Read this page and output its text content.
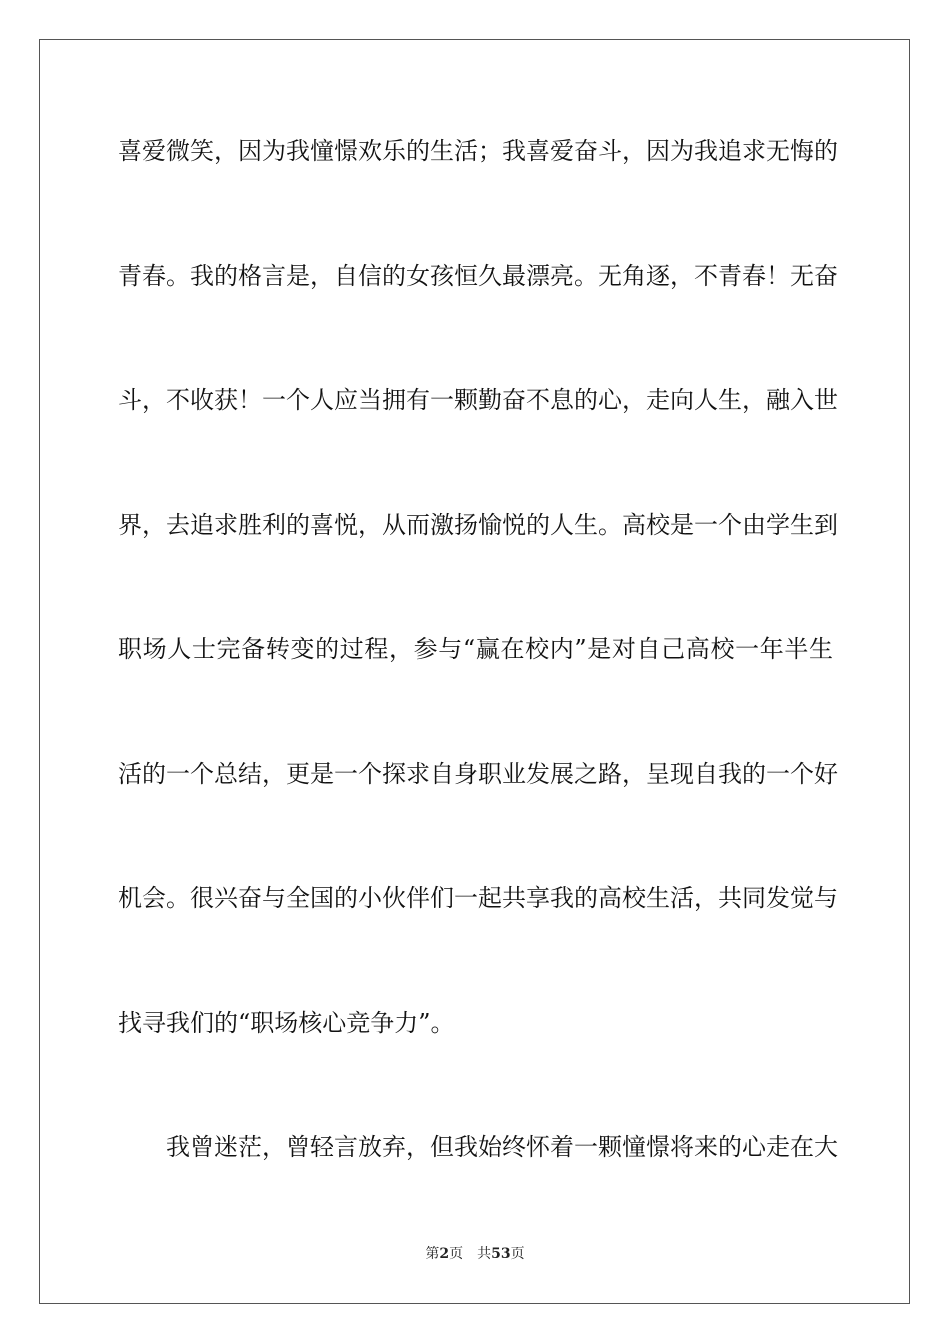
喜爱微笑，因为我憧憬欢乐的生活；我喜爱奋斗，因为我追求无悔的
青春。我的格言是，自信的女孩恒久最漂亮。无角逐，不青春！无奋
斗，不收获！一个人应当拥有一颗勤奋不息的心，走向人生，融入世
界，去追求胜利的喜悦，从而激扬愉悦的人生。高校是一个由学生到
职场人士完备转变的过程，参与“赢在校内”是对自己高校一年半生
活的一个总结，更是一个探求自身职业发展之路，呈现自我的一个好
机会。很兴奋与全国的小伙伴们一起共享我的高校生活，共同发觉与
找寻我们的“职场核心竞争力”。
我曾迷茫，曾轻言放弃，但我始终怀着一颗憧憬将来的心走在大
第2页 共53页
